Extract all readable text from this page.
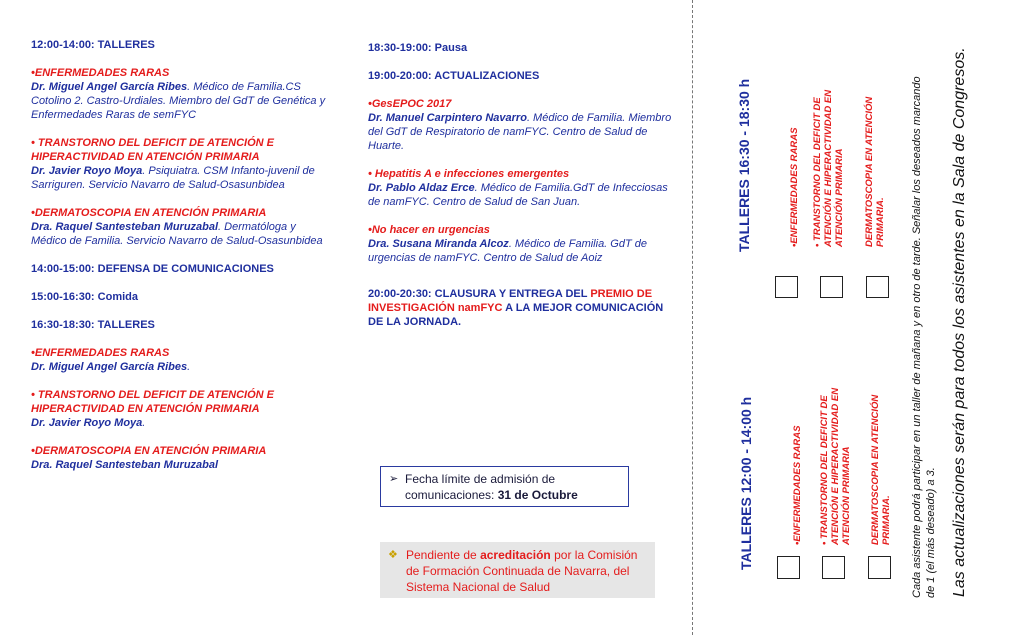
12:00-14:00: TALLERES
•ENFERMEDADES RARAS
Dr. Miguel Angel García Ribes. Médico de Familia.CS Cotolino 2. Castro-Urdiales. Miembro del GdT de Genética y Enfermedades Raras de semFYC
• TRANSTORNO DEL DEFICIT DE ATENCIÓN E HIPERACTIVIDAD EN ATENCIÓN PRIMARIA
Dr. Javier Royo Moya. Psiquiatra. CSM Infanto-juvenil de Sarriguren. Servicio Navarro de Salud-Osasunbidea
•DERMATOSCOPIA EN ATENCIÓN PRIMARIA
Dra. Raquel Santesteban Muruzabal. Dermatóloga y Médico de Familia. Servicio Navarro de Salud-Osasunbidea
14:00-15:00: DEFENSA DE COMUNICACIONES
15:00-16:30: Comida
16:30-18:30: TALLERES
•ENFERMEDADES RARAS
Dr. Miguel Angel García Ribes.
• TRANSTORNO DEL DEFICIT DE ATENCIÓN E HIPERACTIVIDAD EN ATENCIÓN PRIMARIA
Dr. Javier Royo Moya.
•DERMATOSCOPIA EN ATENCIÓN PRIMARIA
Dra. Raquel Santesteban Muruzabal
18:30-19:00: Pausa
19:00-20:00: ACTUALIZACIONES
•GesEPOC 2017
Dr. Manuel Carpintero Navarro. Médico de Familia. Miembro del GdT de Respiratorio de namFYC. Centro de Salud de Huarte.
• Hepatitis A e infecciones emergentes
Dr. Pablo Aldaz Erce. Médico de Familia.GdT de Infecciosas de namFYC. Centro de Salud de San Juan.
•No hacer en urgencias
Dra. Susana Miranda Alcoz. Médico de Familia. GdT de urgencias de namFYC. Centro de Salud de Aoiz
20:00-20:30: CLAUSURA Y ENTREGA DEL PREMIO DE INVESTIGACIÓN namFYC A LA MEJOR COMUNICACIÓN DE LA JORNADA.
➢ Fecha límite de admisión de comunicaciones: 31 de Octubre
❖ Pendiente de acreditación por la Comisión de Formación Continuada de Navarra, del Sistema Nacional de Salud
TALLERES 16:30 - 18:30 h
TALLERES 12:00 - 14:00 h
•ENFERMEDADES RARAS • TRANSTORNO DEL DEFICIT DE ATENCIÓN E HIPERACTIVIDAD EN ATENCIÓN PRIMARIA DERMATOSCOPIA EN ATENCIÓN PRIMARIA.
•ENFERMEDADES RARAS • TRANSTORNO DEL DEFICIT DE ATENCIÓN E HIPERACTIVIDAD EN ATENCIÓN PRIMARIA DERMATOSCOPIA EN ATENCIÓN PRIMARIA. Cada asistente podrá participar en un taller de mañana y en otro de tarde. Señalar los deseados marcando de 1 (el más deseado) a 3. Las actualizaciones serán para todos los asistentes en la Sala de Congresos.
